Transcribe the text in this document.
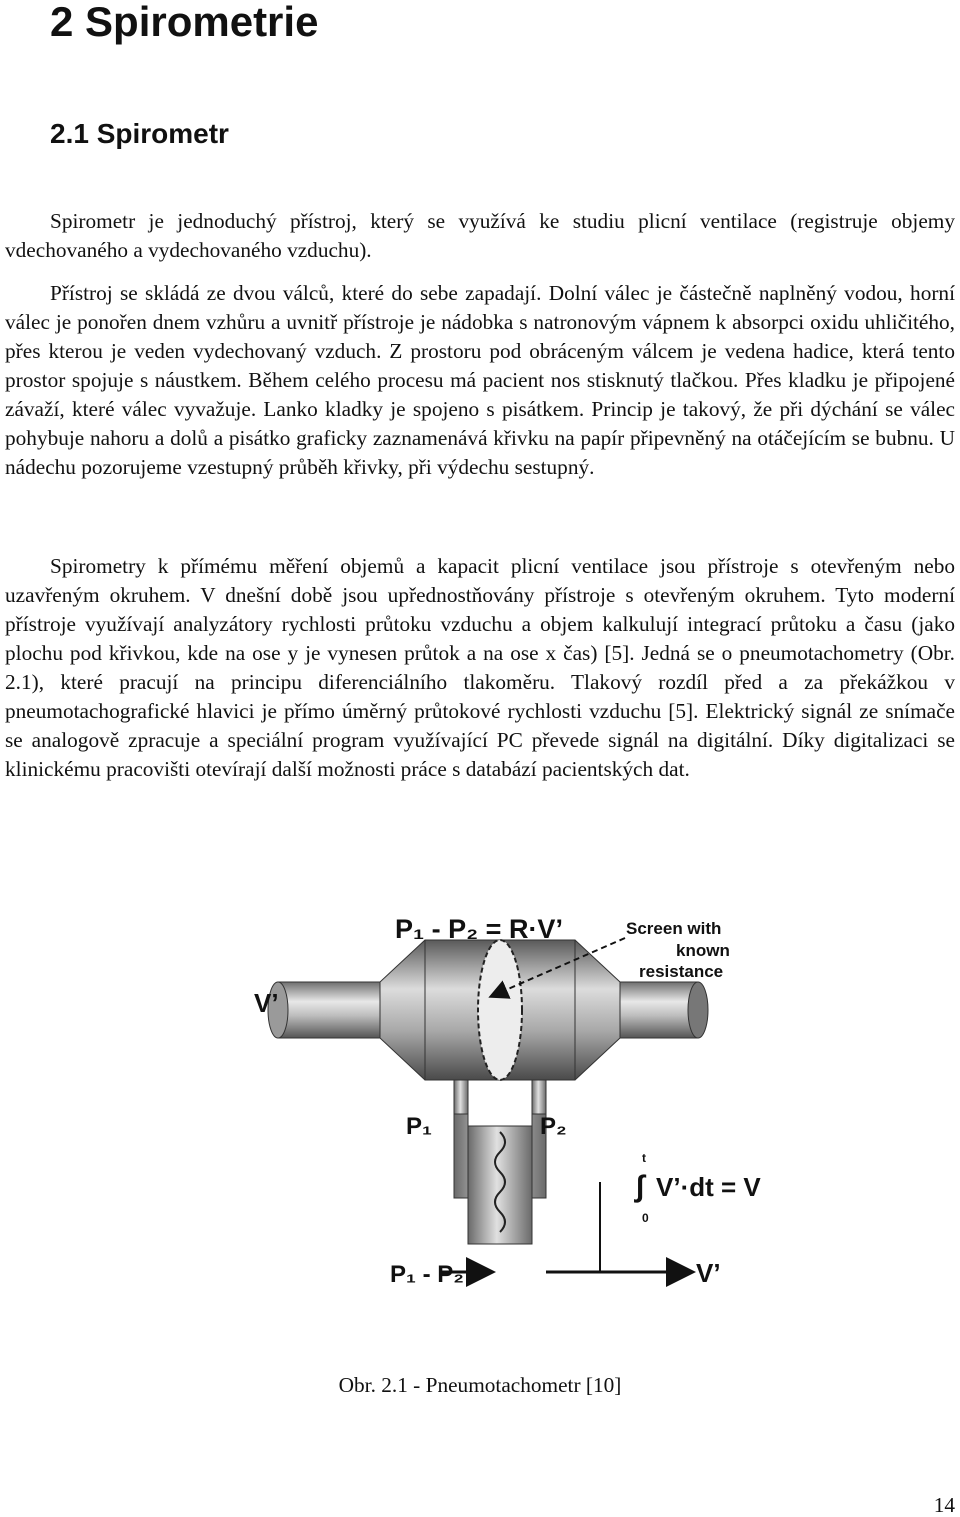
2 Spirometrie
2.1 Spirometr

Spirometr je jednoduchý přístroj, který se využívá ke studiu plicní ventilace (registruje objemy vdechovaného a vydechovaného vzduchu).

Přístroj se skládá ze dvou válců, které do sebe zapadají. Dolní válec je částečně naplněný vodou, horní válec je ponořen dnem vzhůru a uvnitř přístroje je nádobka s natronovým vápnem k absorpci oxidu uhličitého, přes kterou je veden vydechovaný vzduch. Z prostoru pod obráceným válcem je vedena hadice, která tento prostor spojuje s náustkem. Během celého procesu má pacient nos stisknutý tlačkou. Přes kladku je připojené závaží, které válec vyvažuje. Lanko kladky je spojeno s pisátkem. Princip je takový, že při dýchání se válec pohybuje nahoru a dolů a pisátko graficky zaznamenává křivku na papír připevněný na otáčejícím se bubnu. U nádechu pozorujeme vzestupný průběh křivky, při výdechu sestupný.

Spirometry k přímému měření objemů a kapacit plicní ventilace jsou přístroje s otevřeným nebo uzavřeným okruhem. V dnešní době jsou upřednostňovány přístroje s otevřeným okruhem. Tyto moderní přístroje využívají analyzátory rychlosti průtoku vzduchu a objem kalkulují integrací průtoku a času (jako plochu pod křivkou, kde na ose y je vynesen průtok a na ose x čas) [5]. Jedná se o pneumotachometry (Obr. 2.1), které pracují na principu diferenciálního tlakoměru. Tlakový rozdíl před a za překážkou v pneumotachografické hlavici je přímo úměrný průtokové rychlosti vzduchu [5]. Elektrický signál ze snímače se analogově zpracuje a speciální program využívající PC převede signál na digitální. Díky digitalizaci se klinickému pracovišti otevírají další možnosti práce s databází pacientských dat.

P₁ - P₂ = R·V’	Screen with
known
resistance
V’
P₁	P₂
t
∫
0
V’·dt = V
P₁ - P₂	V’
Obr. 2.1 - Pneumotachometr [10]
14
